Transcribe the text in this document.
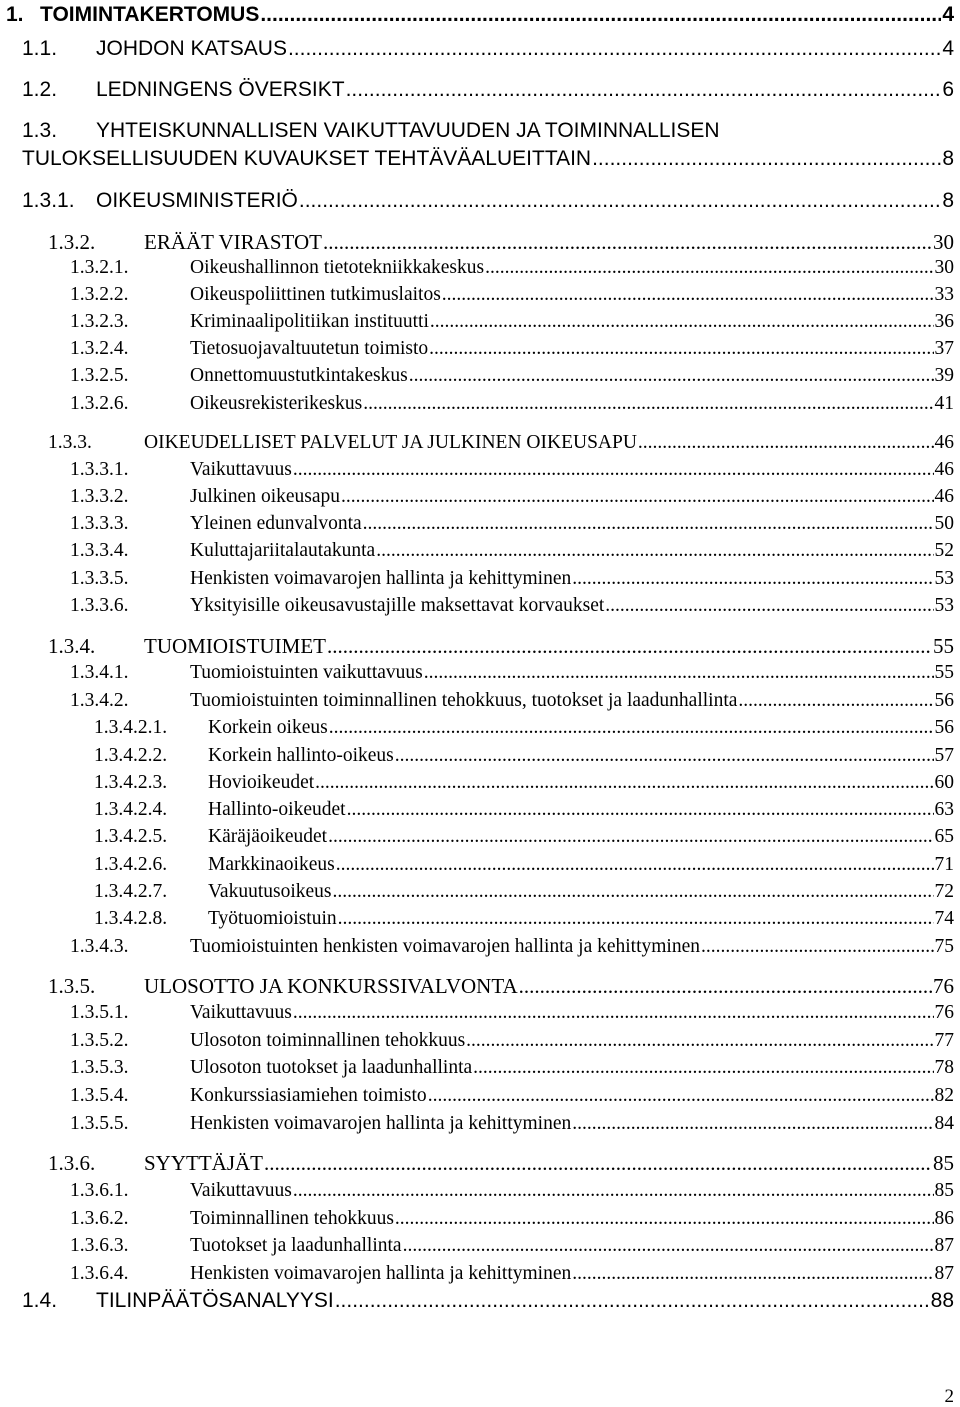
1. TOIMINTAKERTOMUS .....	4
1.1.	JOHDON KATSAUS .....	4
1.2.	LEDNINGENS ÖVERSIKT .....	6
1.3.	YHTEISKUNNALLISEN VAIKUTTAVUUDEN JA TOIMINNALLISEN
TULOKSELLISUUDEN KUVAUKSET TEHTÄVÄALUEITTAIN .....	8
1.3.1.	OIKEUSMINISTERIÖ .....	8
1.3.2.	ERÄÄT VIRASTOT .....	30
1.3.2.1.	Oikeushallinnon tietotekniikkakeskus .....	30
1.3.2.2.	Oikeuspoliittinen tutkimuslaitos .....	33
1.3.2.3.	Kriminaalipolitiikan instituutti .....	36
1.3.2.4.	Tietosuojavaltuutetun toimisto .....	37
1.3.2.5.	Onnettomuustutkintakeskus .....	39
1.3.2.6.	Oikeusrekisterikeskus .....	41
1.3.3.	OIKEUDELLISET PALVELUT JA JULKINEN OIKEUSAPU .....	46
1.3.3.1.	Vaikuttavuus .....	46
1.3.3.2.	Julkinen oikeusapu .....	46
1.3.3.3.	Yleinen edunvalvonta .....	50
1.3.3.4.	Kuluttajariitalautakunta .....	52
1.3.3.5.	Henkisten voimavarojen hallinta ja kehittyminen .....	53
1.3.3.6.	Yksityisille oikeusavustajille maksettavat korvaukset .....	53
1.3.4.	TUOMIOISTUIMET .....	55
1.3.4.1.	Tuomioistuinten vaikuttavuus .....	55
1.3.4.2.	Tuomioistuinten toiminnallinen tehokkuus, tuotokset ja laadunhallinta .....	56
1.3.4.2.1.	Korkein oikeus .....	56
1.3.4.2.2.	Korkein hallinto-oikeus .....	57
1.3.4.2.3.	Hovioikeudet .....	60
1.3.4.2.4.	Hallinto-oikeudet .....	63
1.3.4.2.5.	Käräjäoikeudet .....	65
1.3.4.2.6.	Markkinaoikeus .....	71
1.3.4.2.7.	Vakuutusoikeus .....	72
1.3.4.2.8.	Työtuomioistuin .....	74
1.3.4.3.	Tuomioistuinten henkisten voimavarojen hallinta ja kehittyminen .....	75
1.3.5.	ULOSOTTO JA KONKURSSIVALVONTA .....	76
1.3.5.1.	Vaikuttavuus .....	76
1.3.5.2.	Ulosoton toiminnallinen tehokkuus .....	77
1.3.5.3.	Ulosoton tuotokset ja laadunhallinta .....	78
1.3.5.4.	Konkurssiasiamiehen toimisto .....	82
1.3.5.5.	Henkisten voimavarojen hallinta ja kehittyminen .....	84
1.3.6.	SYYTTÄJÄT .....	85
1.3.6.1.	Vaikuttavuus .....	85
1.3.6.2.	Toiminnallinen tehokkuus .....	86
1.3.6.3.	Tuotokset ja laadunhallinta .....	87
1.3.6.4.	Henkisten voimavarojen hallinta ja kehittyminen .....	87
1.4.	TILINPÄÄTÖSANALYYSI .....	88
2
